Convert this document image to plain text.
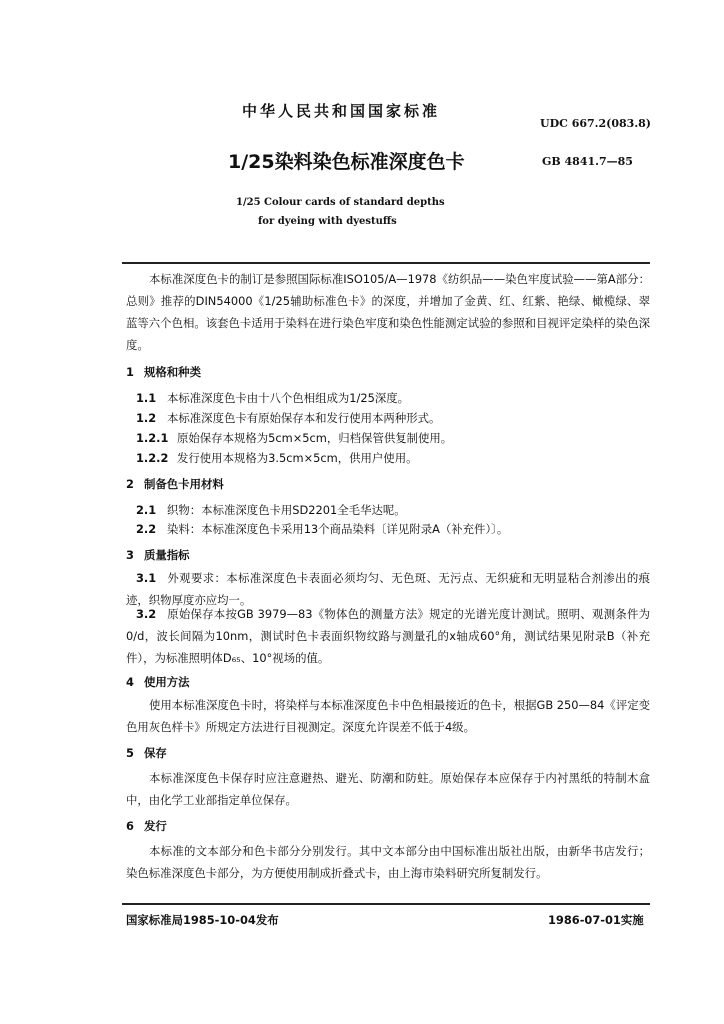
中华人民共和国国家标准
UDC 667.2(083.8)
1/25染料染色标准深度色卡	GB 4841.7—85
1/25 Colour cards of standard depths
for dyeing with dyestuffs
本标准深度色卡的制订是参照国际标准ISO105/A—1978《纺织品——染色牢度试验——第A部分：总则》推荐的DIN54000《1/25辅助标准色卡》的深度，并增加了金黄、红、红紫、艳绿、橄榄绿、翠蓝等六个色相。该套色卡适用于染料在进行染色牢度和染色性能测定试验的参照和目视评定染样的染色深度。
1 规格和种类
1.1 本标准深度色卡由十八个色相组成为1/25深度。
1.2 本标准深度色卡有原始保存本和发行使用本两种形式。
1.2.1 原始保存本规格为5cm×5cm，归档保管供复制使用。
1.2.2 发行使用本规格为3.5cm×5cm，供用户使用。
2 制备色卡用材料
2.1 织物：本标准深度色卡用SD2201全毛华达呢。
2.2 染料：本标准深度色卡采用13个商品染料〔详见附录A（补充件）〕。
3 质量指标
3.1 外观要求：本标准深度色卡表面必须均匀、无色斑、无污点、无织疵和无明显粘合剂渗出的痕迹，织物厚度亦应均一。
3.2 原始保存本按GB 3979—83《物体色的测量方法》规定的光谱光度计测试。照明、观测条件为0/d，波长间隔为10nm，测试时色卡表面织物纹路与测量孔的x轴成60°角，测试结果见附录B（补充件），为标准照明体D₆₅、10°视场的值。
4 使用方法
使用本标准深度色卡时，将染样与本标准深度色卡中色相最接近的色卡，根据GB 250—84《评定变色用灰色样卡》所规定方法进行目视测定。深度允许误差不低于4级。
5 保存
本标准深度色卡保存时应注意避热、避光、防潮和防蛀。原始保存本应保存于内衬黑纸的特制木盒中，由化学工业部指定单位保存。
6 发行
本标准的文本部分和色卡部分分别发行。其中文本部分由中国标准出版社出版，由新华书店发行；染色标准深度色卡部分，为方便使用制成折叠式卡，由上海市染料研究所复制发行。
国家标准局1985-10-04发布	1986-07-01实施
